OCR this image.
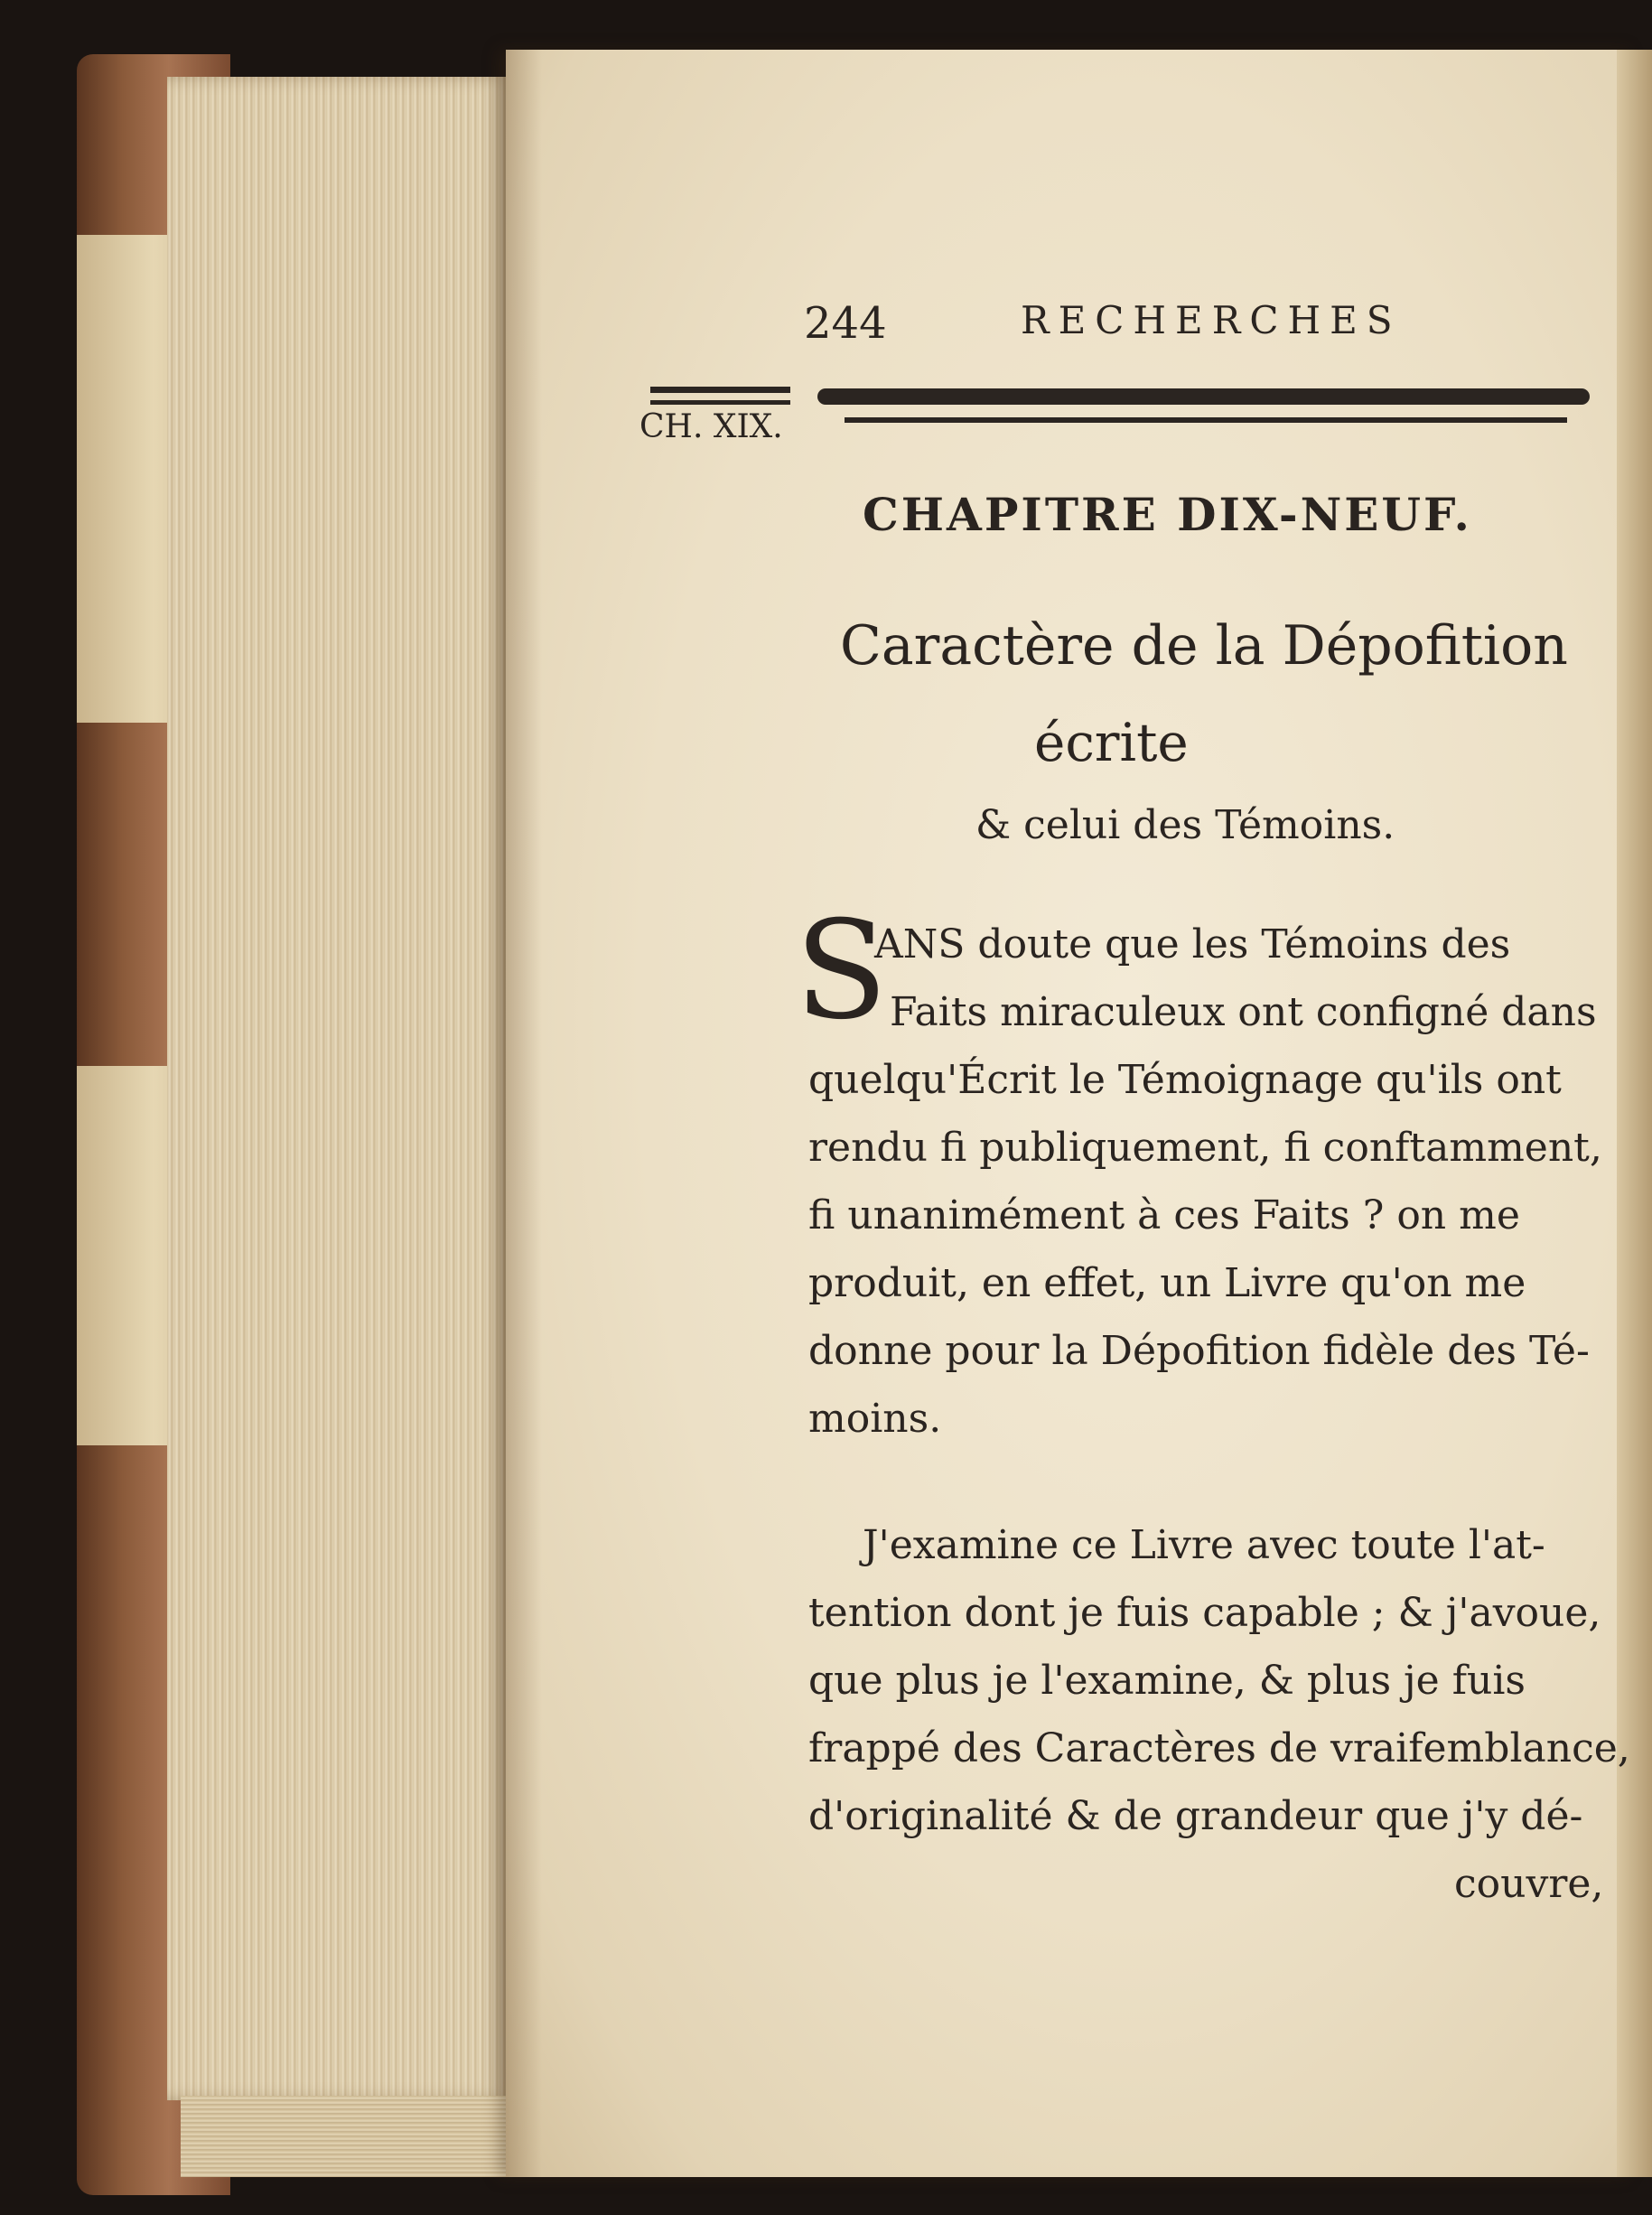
244	RECHERCHES
CH. XIX.
CHAPITRE DIX-NEUF.
Caractère de la Dépofition
écrite
& celui des Témoins.
S
ANS doute que les Témoins des
Faits miraculeux ont configné dans
quelqu'Écrit le Témoignage qu'ils ont
rendu fi publiquement, fi conftamment,
fi unanimément à ces Faits ? on me
produit, en effet, un Livre qu'on me
donne pour la Dépofition fidèle des Té-
moins.
J'examine ce Livre avec toute l'at-
tention dont je fuis capable ; & j'avoue,
que plus je l'examine, & plus je fuis
frappé des Caractères de vraifemblance,
d'originalité & de grandeur que j'y dé-
couvre,
